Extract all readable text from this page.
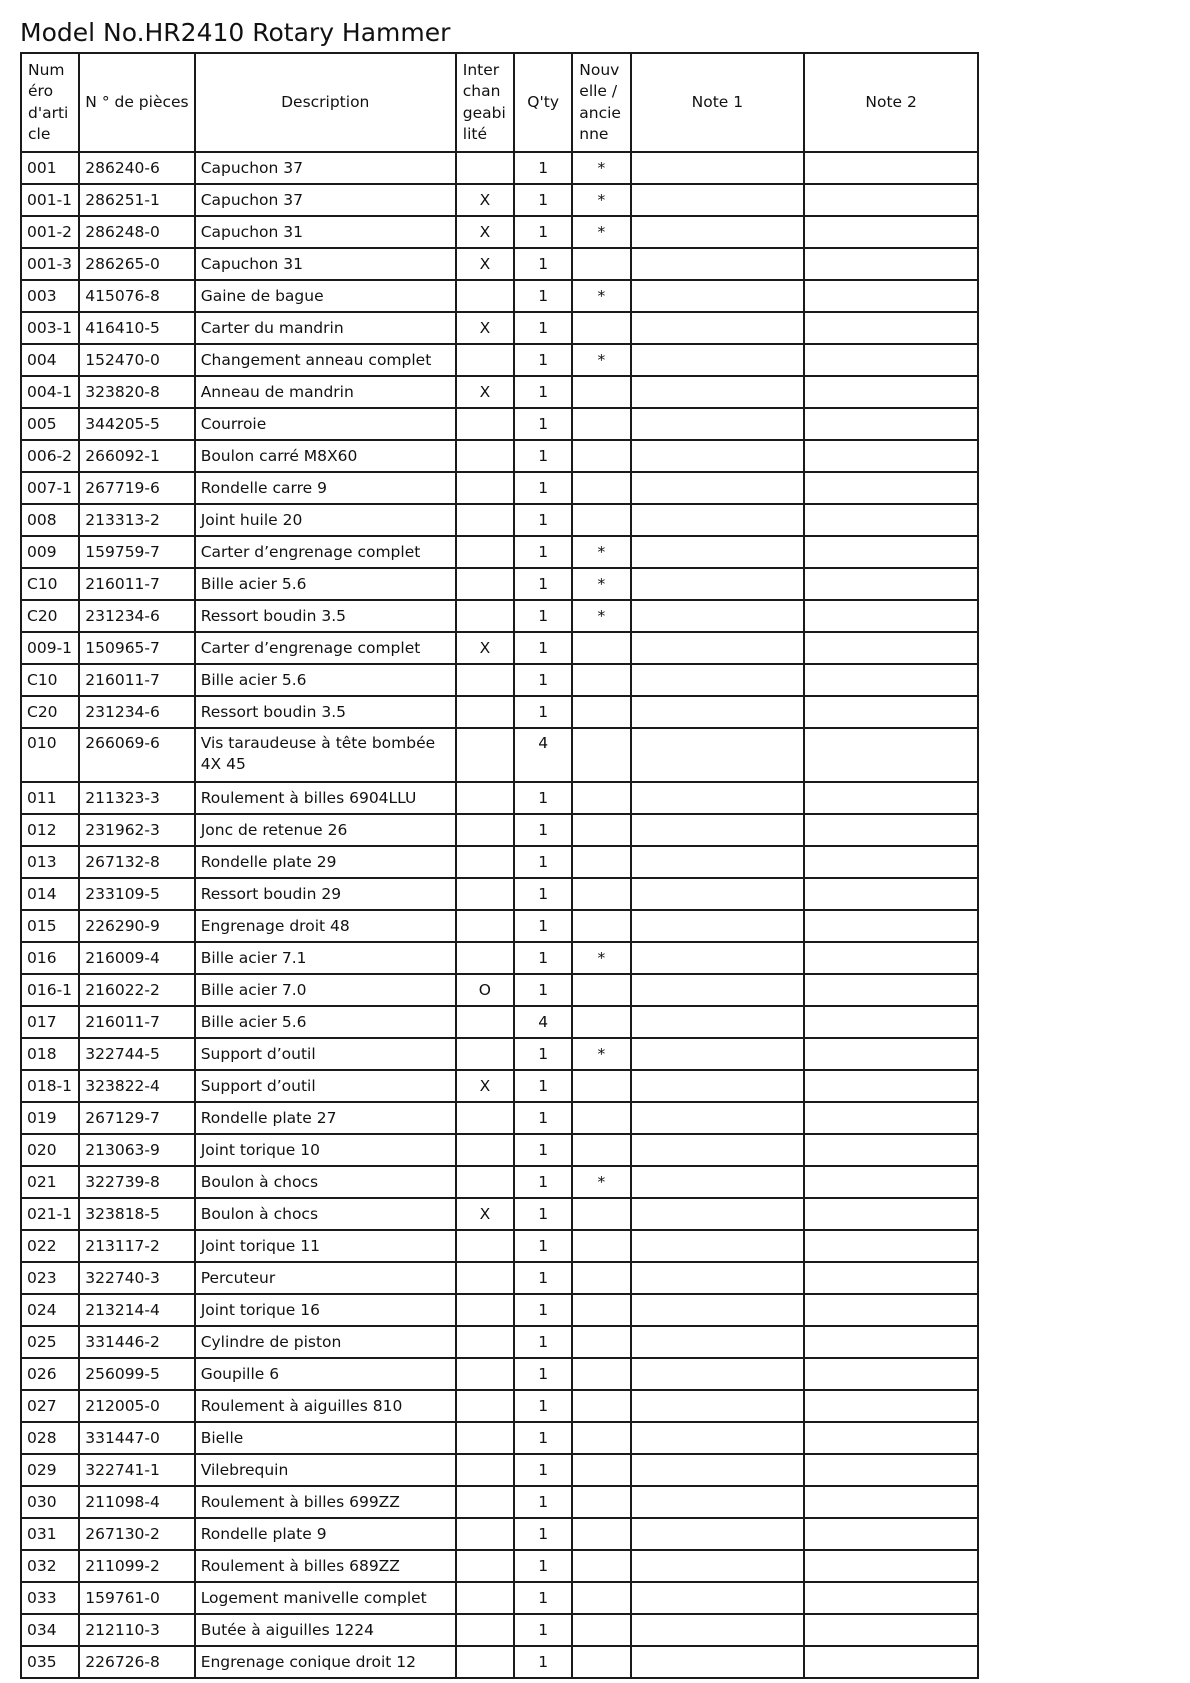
Model No.HR2410 Rotary Hammer
Numéro d'article	N ° de pièces	Description	Interchangeabilité	Q'ty	Nouvelle / ancienne	Note 1	Note 2
001	286240-6	Capuchon 37		1	*		
001-1	286251-1	Capuchon 37	X	1	*		
001-2	286248-0	Capuchon 31	X	1	*		
001-3	286265-0	Capuchon 31	X	1			
003	415076-8	Gaine de bague		1	*		
003-1	416410-5	Carter du mandrin	X	1			
004	152470-0	Changement anneau complet		1	*		
004-1	323820-8	Anneau de mandrin	X	1			
005	344205-5	Courroie		1			
006-2	266092-1	Boulon carré M8X60		1			
007-1	267719-6	Rondelle carre 9		1			
008	213313-2	Joint huile 20		1			
009	159759-7	Carter d’engrenage complet		1	*		
C10	216011-7	Bille acier 5.6		1	*		
C20	231234-6	Ressort boudin 3.5		1	*		
009-1	150965-7	Carter d’engrenage complet	X	1			
C10	216011-7	Bille acier 5.6		1			
C20	231234-6	Ressort boudin 3.5		1			
010	266069-6	Vis taraudeuse à tête bombée 4X 45		4			
011	211323-3	Roulement à billes 6904LLU		1			
012	231962-3	Jonc de retenue 26		1			
013	267132-8	Rondelle plate 29		1			
014	233109-5	Ressort boudin 29		1			
015	226290-9	Engrenage droit 48		1			
016	216009-4	Bille acier 7.1		1	*		
016-1	216022-2	Bille acier 7.0	O	1			
017	216011-7	Bille acier 5.6		4			
018	322744-5	Support d’outil		1	*		
018-1	323822-4	Support d’outil	X	1			
019	267129-7	Rondelle plate 27		1			
020	213063-9	Joint torique 10		1			
021	322739-8	Boulon à chocs		1	*		
021-1	323818-5	Boulon à chocs	X	1			
022	213117-2	Joint torique 11		1			
023	322740-3	Percuteur		1			
024	213214-4	Joint torique 16		1			
025	331446-2	Cylindre de piston		1			
026	256099-5	Goupille 6		1			
027	212005-0	Roulement à aiguilles 810		1			
028	331447-0	Bielle		1			
029	322741-1	Vilebrequin		1			
030	211098-4	Roulement à billes 699ZZ		1			
031	267130-2	Rondelle plate 9		1			
032	211099-2	Roulement à billes 689ZZ		1			
033	159761-0	Logement manivelle complet		1			
034	212110-3	Butée à aiguilles 1224		1			
035	226726-8	Engrenage conique droit 12		1			
